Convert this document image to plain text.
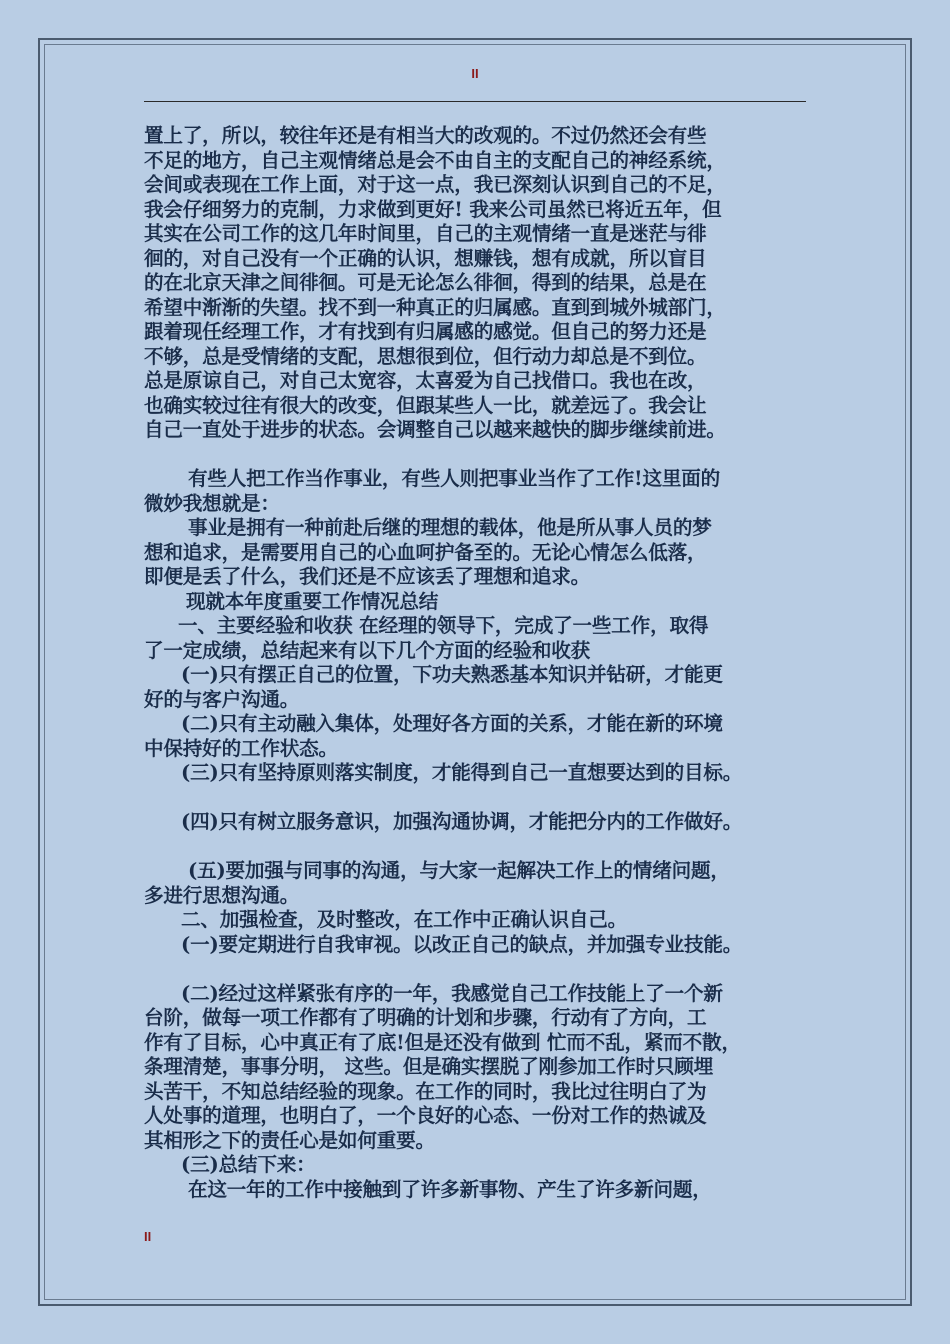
II
置上了，所以，较往年还是有相当大的改观的。不过仍然还会有些
不足的地方，自己主观情绪总是会不由自主的支配自己的神经系统，
会间或表现在工作上面，对于这一点，我已深刻认识到自己的不足，
我会仔细努力的克制，力求做到更好! 我来公司虽然已将近五年，但
其实在公司工作的这几年时间里，自己的主观情绪一直是迷茫与徘
徊的，对自己没有一个正确的认识，想赚钱，想有成就，所以盲目
的在北京天津之间徘徊。可是无论怎么徘徊，得到的结果，总是在
希望中渐渐的失望。找不到一种真正的归属感。直到到城外城部门，
跟着现任经理工作，才有找到有归属感的感觉。但自己的努力还是
不够，总是受情绪的支配，思想很到位，但行动力却总是不到位。
总是原谅自己，对自己太宽容，太喜爱为自己找借口。我也在改，
也确实较过往有很大的改变，但跟某些人一比，就差远了。我会让
自己一直处于进步的状态。会调整自己以越来越快的脚步继续前进。
有些人把工作当作事业，有些人则把事业当作了工作!这里面的
微妙我想就是：
事业是拥有一种前赴后继的理想的载体，他是所从事人员的梦
想和追求，是需要用自己的心血呵护备至的。无论心情怎么低落，
即便是丢了什么，我们还是不应该丢了理想和追求。
现就本年度重要工作情况总结
一、主要经验和收获 在经理的领导下，完成了一些工作，取得
了一定成绩，总结起来有以下几个方面的经验和收获
(一)只有摆正自己的位置，下功夫熟悉基本知识并钻研，才能更
好的与客户沟通。
(二)只有主动融入集体，处理好各方面的关系，才能在新的环境
中保持好的工作状态。
(三)只有坚持原则落实制度，才能得到自己一直想要达到的目标。
(四)只有树立服务意识，加强沟通协调，才能把分内的工作做好。
(五)要加强与同事的沟通，与大家一起解决工作上的情绪问题，
多进行思想沟通。
二、加强检查，及时整改，在工作中正确认识自己。
(一)要定期进行自我审视。以改正自己的缺点，并加强专业技能。
(二)经过这样紧张有序的一年，我感觉自己工作技能上了一个新
台阶，做每一项工作都有了明确的计划和步骤，行动有了方向，工
作有了目标，心中真正有了底!但是还没有做到 忙而不乱，紧而不散，
条理清楚，事事分明， 这些。但是确实摆脱了刚参加工作时只顾埋
头苦干，不知总结经验的现象。在工作的同时，我比过往明白了为
人处事的道理，也明白了，一个良好的心态、一份对工作的热诚及
其相形之下的责任心是如何重要。
(三)总结下来：
在这一年的工作中接触到了许多新事物、产生了许多新问题，
II
